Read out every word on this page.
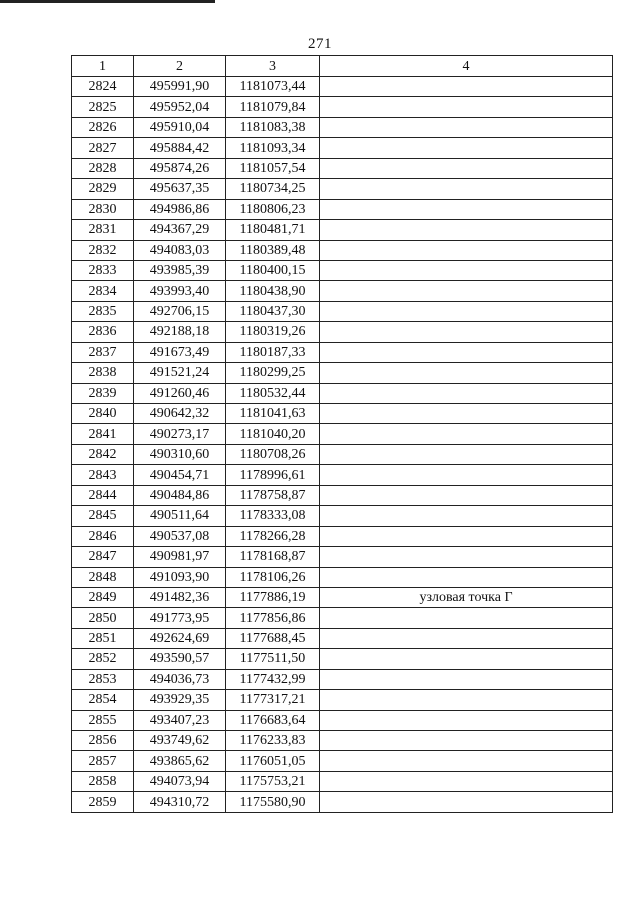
271
1	2	3	4
2824	495991,90	1181073,44	
2825	495952,04	1181079,84	
2826	495910,04	1181083,38	
2827	495884,42	1181093,34	
2828	495874,26	1181057,54	
2829	495637,35	1180734,25	
2830	494986,86	1180806,23	
2831	494367,29	1180481,71	
2832	494083,03	1180389,48	
2833	493985,39	1180400,15	
2834	493993,40	1180438,90	
2835	492706,15	1180437,30	
2836	492188,18	1180319,26	
2837	491673,49	1180187,33	
2838	491521,24	1180299,25	
2839	491260,46	1180532,44	
2840	490642,32	1181041,63	
2841	490273,17	1181040,20	
2842	490310,60	1180708,26	
2843	490454,71	1178996,61	
2844	490484,86	1178758,87	
2845	490511,64	1178333,08	
2846	490537,08	1178266,28	
2847	490981,97	1178168,87	
2848	491093,90	1178106,26	
2849	491482,36	1177886,19	узловая точка Г
2850	491773,95	1177856,86	
2851	492624,69	1177688,45	
2852	493590,57	1177511,50	
2853	494036,73	1177432,99	
2854	493929,35	1177317,21	
2855	493407,23	1176683,64	
2856	493749,62	1176233,83	
2857	493865,62	1176051,05	
2858	494073,94	1175753,21	
2859	494310,72	1175580,90	
